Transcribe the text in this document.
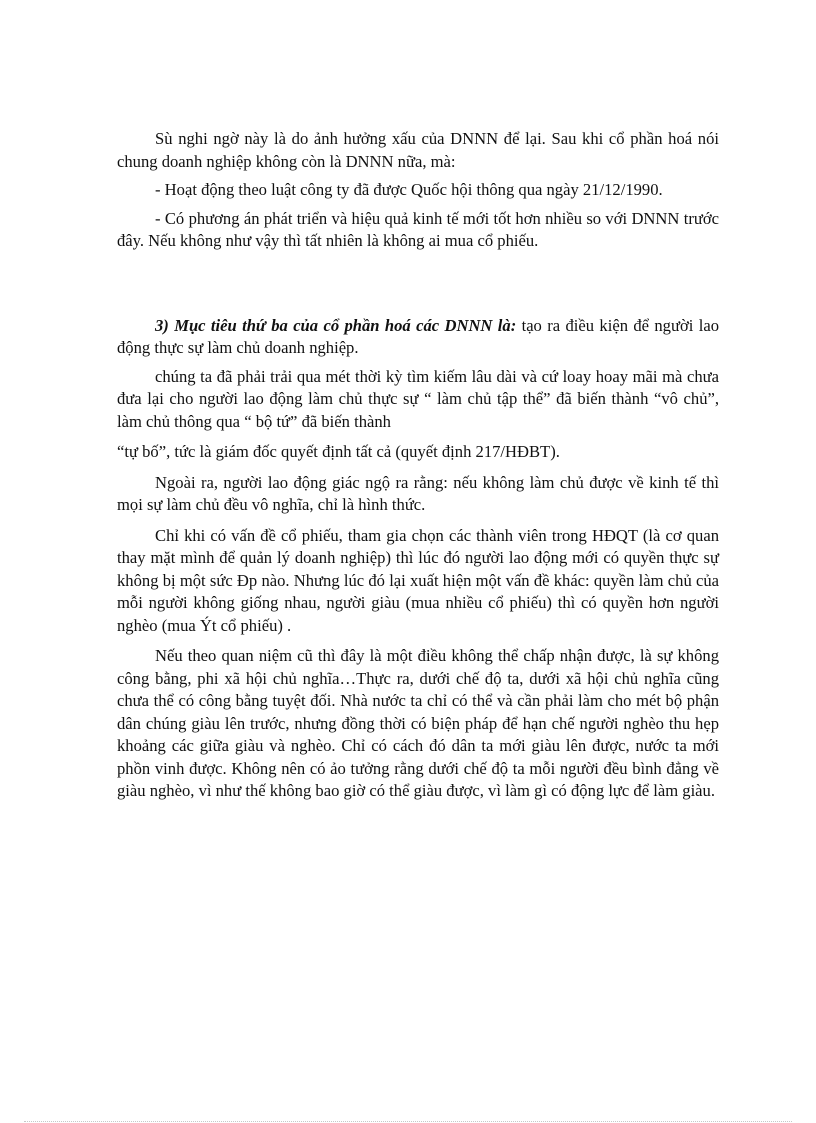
Sù nghi ngờ này là do ảnh hưởng xấu của DNNN để lại. Sau khi cổ phần hoá nói chung doanh nghiệp không còn là DNNN nữa, mà:

- Hoạt động theo luật công ty đã được Quốc hội thông qua ngày 21/12/1990.

- Có phương án phát triển và hiệu quả kinh tế mới tốt hơn nhiều so với DNNN trước đây. Nếu không như vậy thì tất nhiên là không ai mua cổ phiếu.

3) Mục tiêu thứ ba của cổ phần hoá các DNNN là: tạo ra điều kiện để người lao động thực sự làm chủ doanh nghiệp.

chúng ta đã phải trải qua mét thời kỳ tìm kiếm lâu dài và cứ loay hoay mãi mà chưa đưa lại cho người lao động làm chủ thực sự “ làm chủ tập thể” đã biến thành “vô chủ”, làm chủ thông qua “ bộ tứ” đã biến thành

“tự bố”, tức là giám đốc quyết định tất cả (quyết định 217/HĐBT).

Ngoài ra, người lao động giác ngộ ra rằng: nếu không làm chủ được về kinh tế thì mọi sự làm chủ đều vô nghĩa, chỉ là hình thức.

Chỉ khi có vấn đề cổ phiếu, tham gia chọn các thành viên trong HĐQT (là cơ quan thay mặt mình để quản lý doanh nghiệp) thì lúc đó người lao động mới có quyền thực sự không bị một sức Ðp nào. Nhưng lúc đó lại xuất hiện một vấn đề khác: quyền làm chủ của mỗi người không giống nhau, người giàu (mua nhiều cổ phiếu) thì có quyền hơn người nghèo (mua Ýt cổ phiếu) .

Nếu theo quan niệm cũ thì đây là một điều không thể chấp nhận được, là sự không công bằng, phi xã hội chủ nghĩa…Thực ra, dưới chế độ ta, dưới xã hội chủ nghĩa cũng chưa thể có công bằng tuyệt đối. Nhà nước ta chỉ có thể và cần phải làm cho mét bộ phận dân chúng giàu lên trước, nhưng đồng thời có biện pháp để hạn chế người nghèo thu hẹp khoảng các giữa giàu và nghèo. Chỉ có cách đó dân ta mới giàu lên được, nước ta mới phồn vinh được. Không nên có ảo tưởng rằng dưới chế độ ta mỗi người đều bình đẳng về giàu nghèo, vì như thế không bao giờ có thể giàu được, vì làm gì có động lực để làm giàu.
